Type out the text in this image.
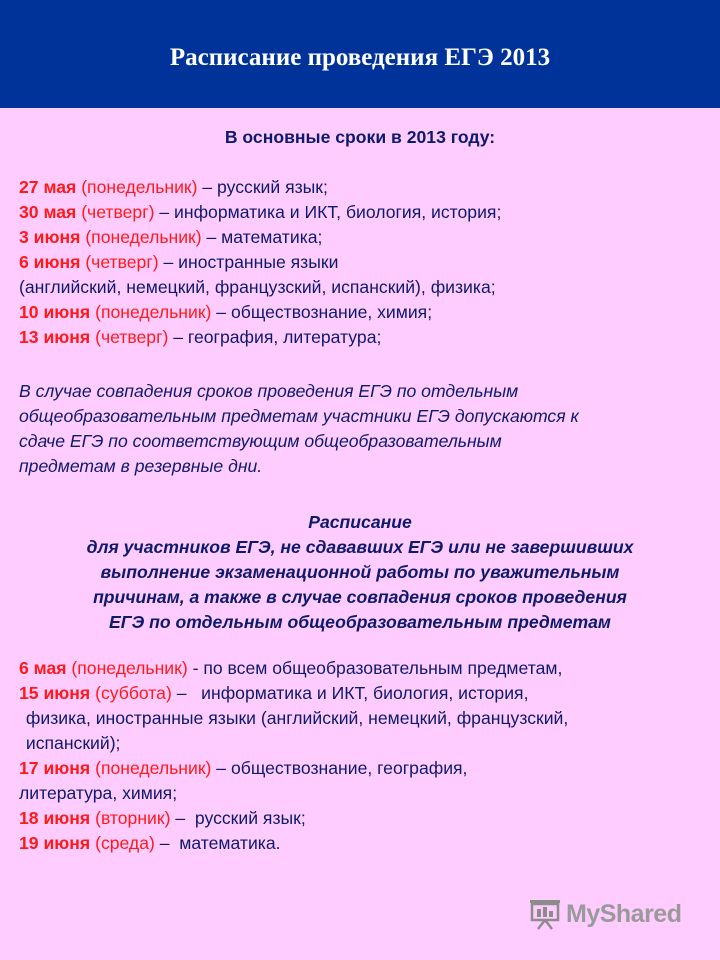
Расписание проведения ЕГЭ 2013
В основные сроки в 2013 году:
27 мая (понедельник) – русский язык;
30 мая (четверг) – информатика и ИКТ, биология, история;
3 июня (понедельник) – математика;
6 июня (четверг) – иностранные языки
(английский, немецкий, французский, испанский), физика;
10 июня (понедельник) – обществознание, химия;
13 июня (четверг) – география, литература;
В случае совпадения сроков проведения ЕГЭ по отдельным
общеобразовательным предметам участники ЕГЭ допускаются к
сдаче ЕГЭ по соответствующим общеобразовательным
предметам в резервные дни.
Расписание
для участников ЕГЭ, не сдававших ЕГЭ или не завершивших
выполнение экзаменационной работы по уважительным
причинам, а также в случае совпадения сроков проведения
ЕГЭ по отдельным общеобразовательным предметам
6 мая (понедельник) - по всем общеобразовательным предметам,
15 июня (суббота) –   информатика и ИКТ, биология, история,
физика, иностранные языки (английский, немецкий, французский,
испанский);
17 июня (понедельник) – обществознание, география,
литература, химия;
18 июня (вторник) –  русский язык;
19 июня (среда) –  математика.
MyShared
